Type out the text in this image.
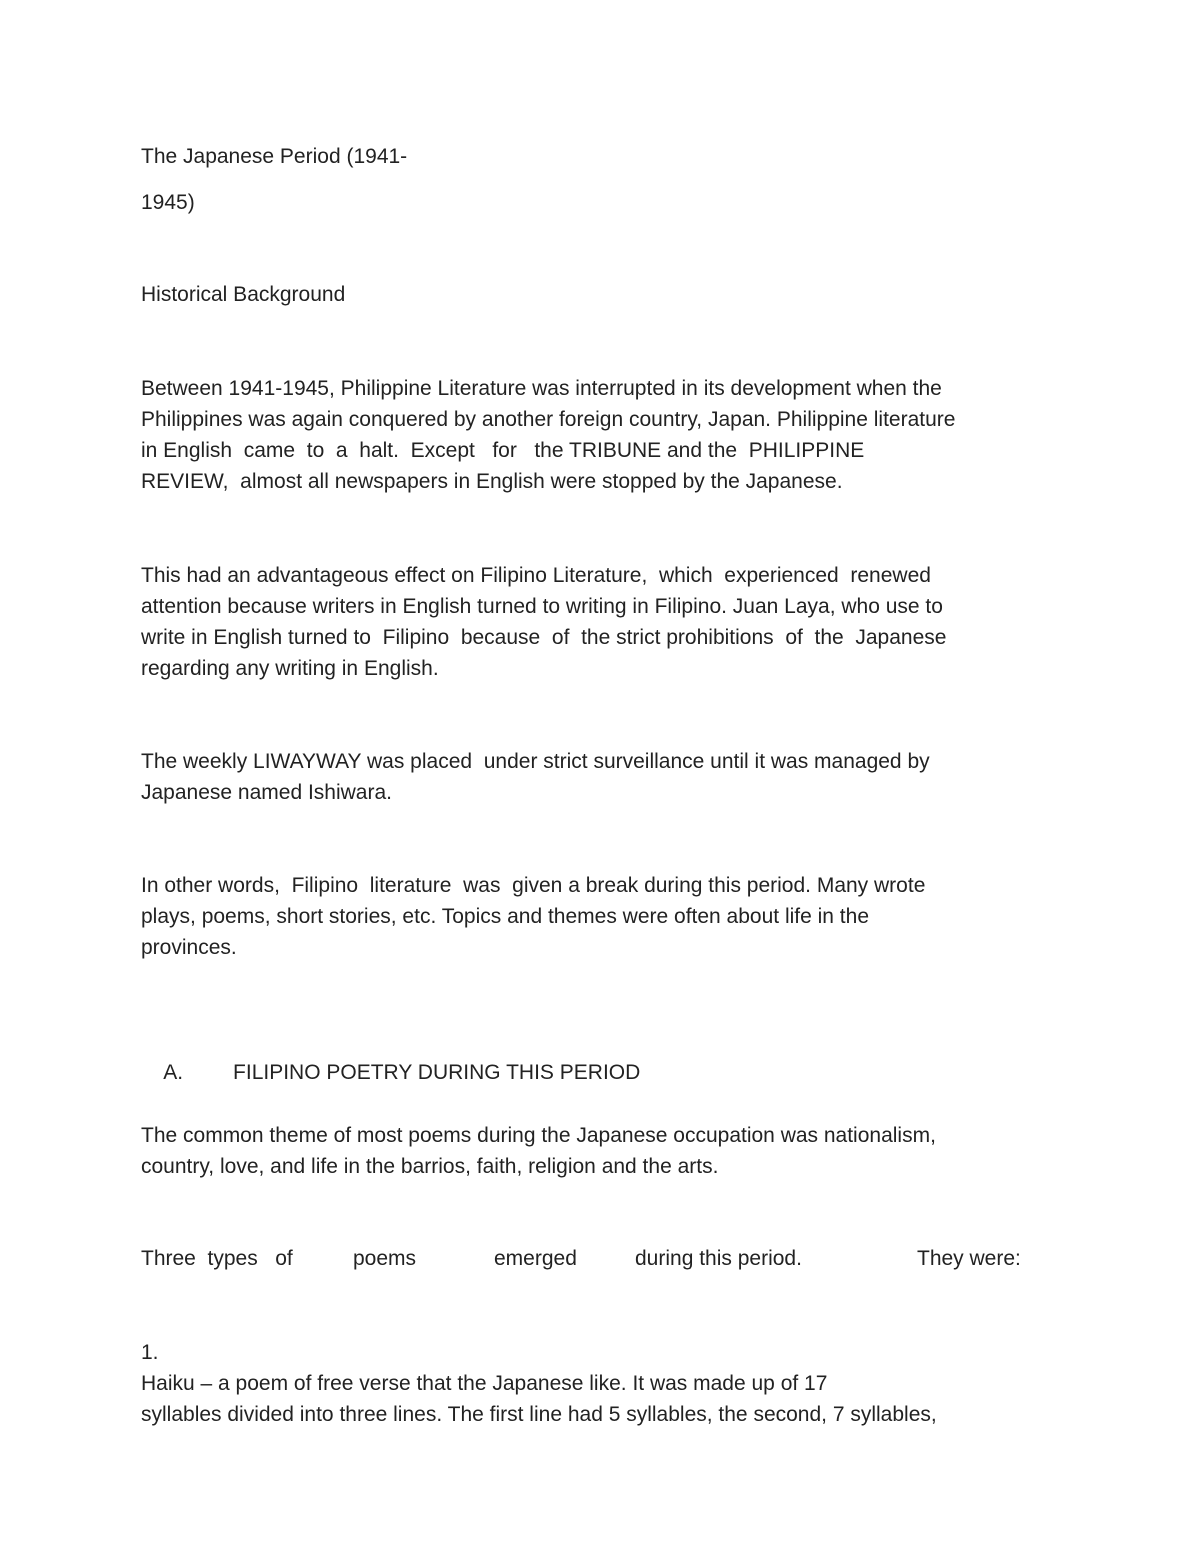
The Japanese Period (1941-

1945)

Historical Background

Between 1941-1945, Philippine Literature was interrupted in its development when the
Philippines was again conquered by another foreign country, Japan. Philippine literature
in English  came  to  a  halt.  Except   for   the TRIBUNE and the  PHILIPPINE
REVIEW,  almost all newspapers in English were stopped by the Japanese.
This had an advantageous effect on Filipino Literature,  which  experienced  renewed
attention because writers in English turned to writing in Filipino. Juan Laya, who use to
write in English turned to  Filipino  because  of  the strict prohibitions  of  the  Japanese
regarding any writing in English.
The weekly LIWAYWAY was placed  under strict surveillance until it was managed by
Japanese named Ishiwara.
In other words,  Filipino  literature  was  given a break during this period. Many wrote
plays, poems, short stories, etc. Topics and themes were often about life in the
provinces.

A. FILIPINO POETRY DURING THIS PERIOD

The common theme of most poems during the Japanese occupation was nationalism,
country, love, and life in the barrios, faith, religion and the arts.
Three  types   of	poems	emerged	during this period.	They were:
1.
Haiku – a poem of free verse that the Japanese like. It was made up of 17
syllables divided into three lines. The first line had 5 syllables, the second, 7 syllables,
